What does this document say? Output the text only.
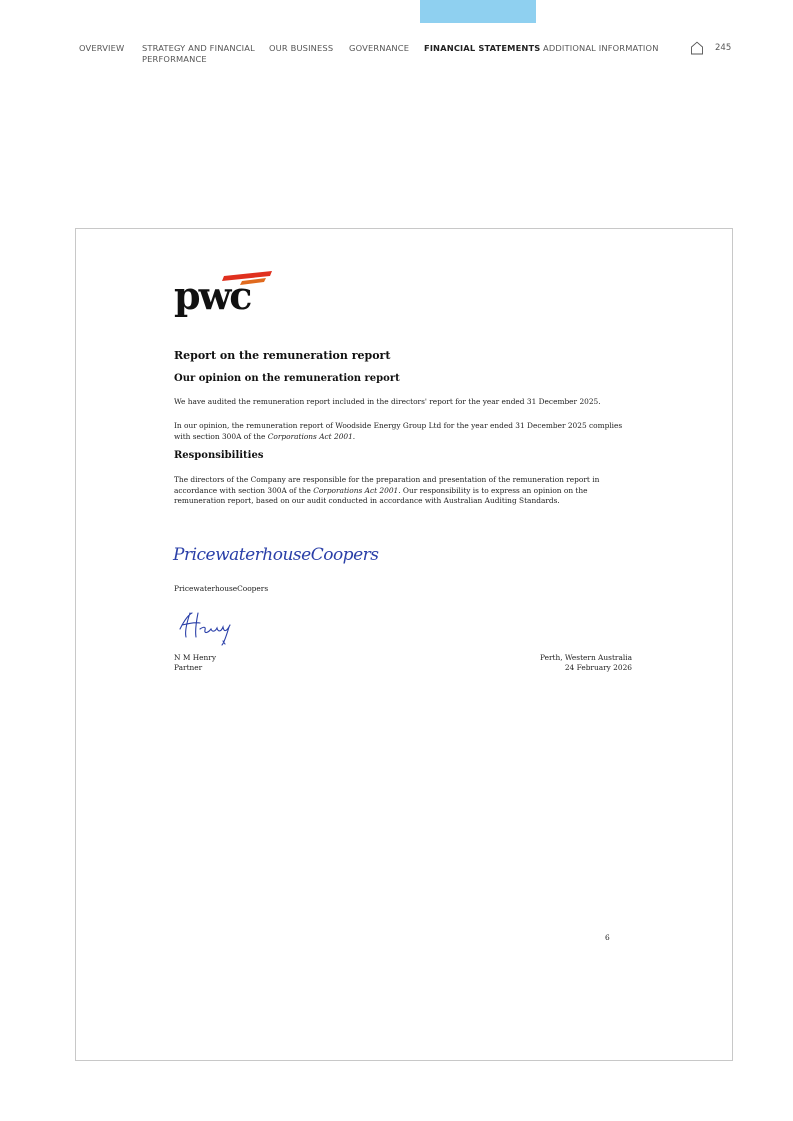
OVERVIEW STRATEGY AND FINANCIAL PERFORMANCE
OUR BUSINESS GOVERNANCE FINANCIAL STATEMENTS ADDITIONAL INFORMATION	245
pwc
Report on the remuneration report
Our opinion on the remuneration report

We have audited the remuneration report included in the directors' report for the year ended 31 December 2025.

In our opinion, the remuneration report of Woodside Energy Group Ltd for the year ended 31 December 2025 complies with section 300A of the Corporations Act 2001.

Responsibilities

The directors of the Company are responsible for the preparation and presentation of the remuneration report in accordance with section 300A of the Corporations Act 2001. Our responsibility is to express an opinion on the remuneration report, based on our audit conducted in accordance with Australian Auditing Standards.

PricewaterhouseCoopers
PricewaterhouseCoopers
N M Henry
Partner
Perth, Western Australia
24 February 2026
6
